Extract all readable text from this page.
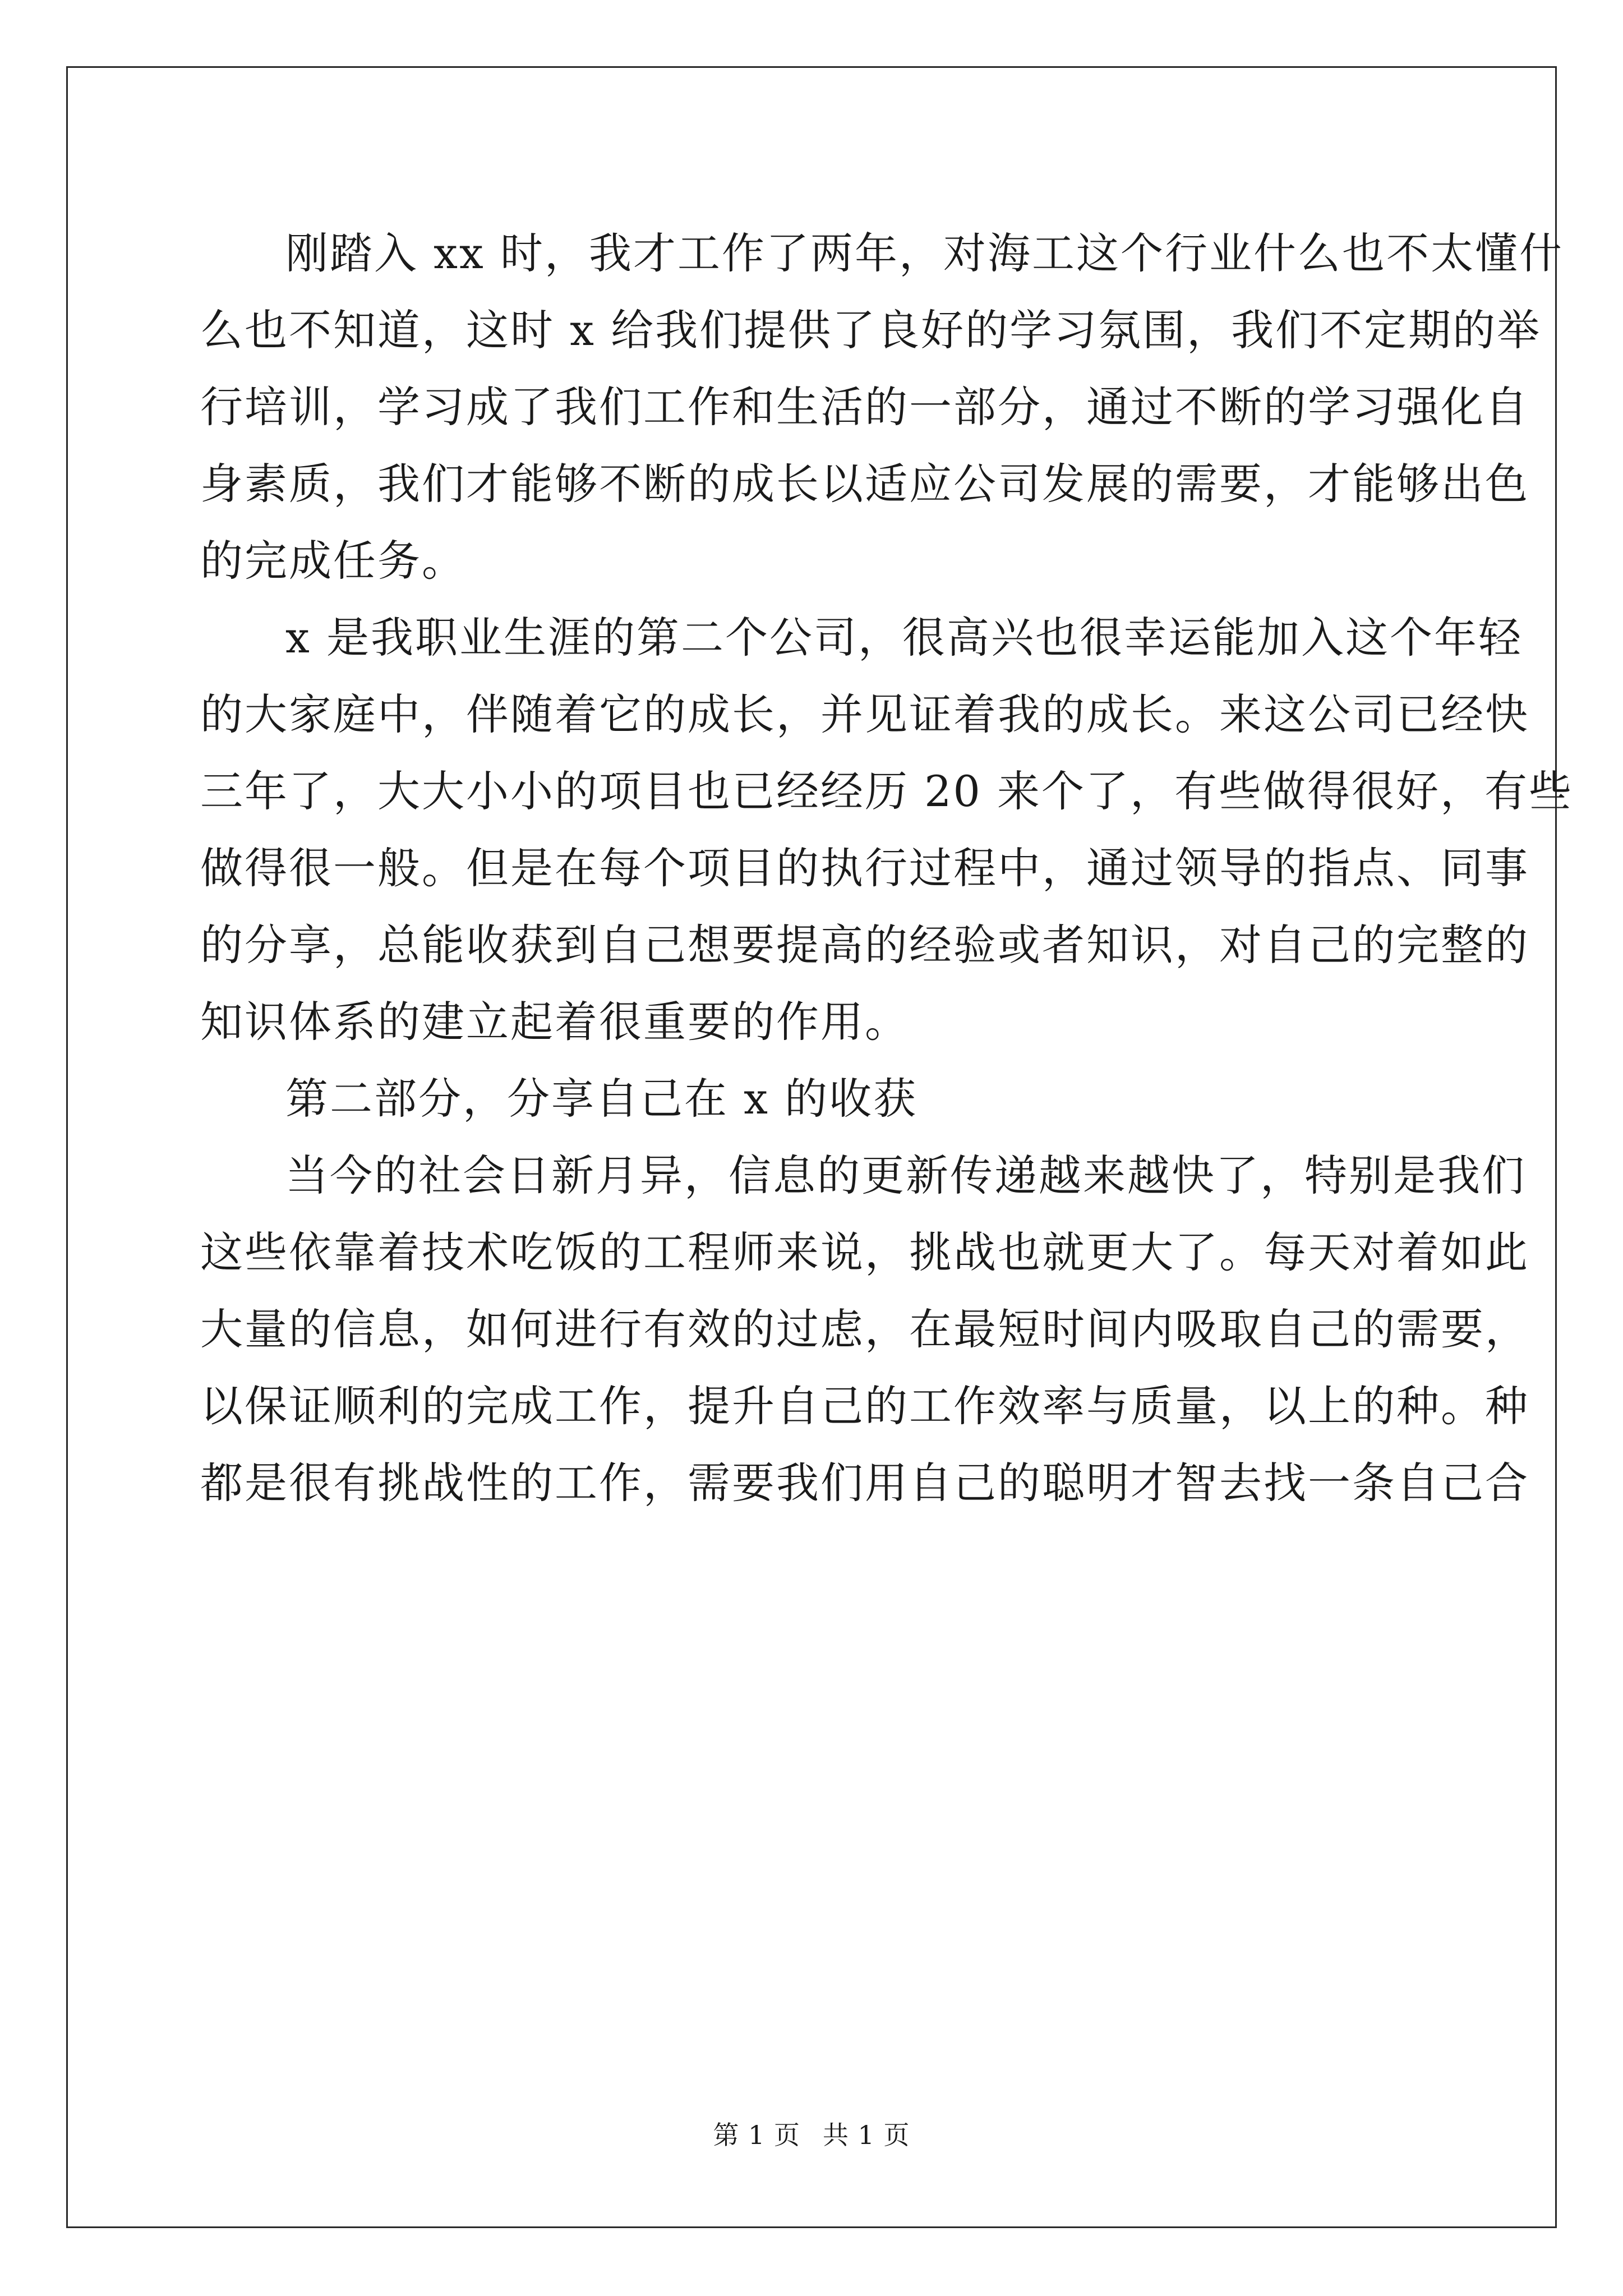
刚踏入 xx 时，我才工作了两年，对海工这个行业什么也不太懂什
么也不知道，这时 x 给我们提供了良好的学习氛围，我们不定期的举
行培训，学习成了我们工作和生活的一部分，通过不断的学习强化自
身素质，我们才能够不断的成长以适应公司发展的需要，才能够出色
的完成任务。
x 是我职业生涯的第二个公司，很高兴也很幸运能加入这个年轻
的大家庭中，伴随着它的成长，并见证着我的成长。来这公司已经快
三年了，大大小小的项目也已经经历 20 来个了，有些做得很好，有些
做得很一般。但是在每个项目的执行过程中，通过领导的指点、同事
的分享，总能收获到自己想要提高的经验或者知识，对自己的完整的
知识体系的建立起着很重要的作用。
第二部分，分享自己在 x 的收获
当今的社会日新月异，信息的更新传递越来越快了，特别是我们
这些依靠着技术吃饭的工程师来说，挑战也就更大了。每天对着如此
大量的信息，如何进行有效的过虑，在最短时间内吸取自己的需要，
以保证顺利的完成工作，提升自己的工作效率与质量，以上的种。种
都是很有挑战性的工作，需要我们用自己的聪明才智去找一条自己合
第 1 页 共 1 页
